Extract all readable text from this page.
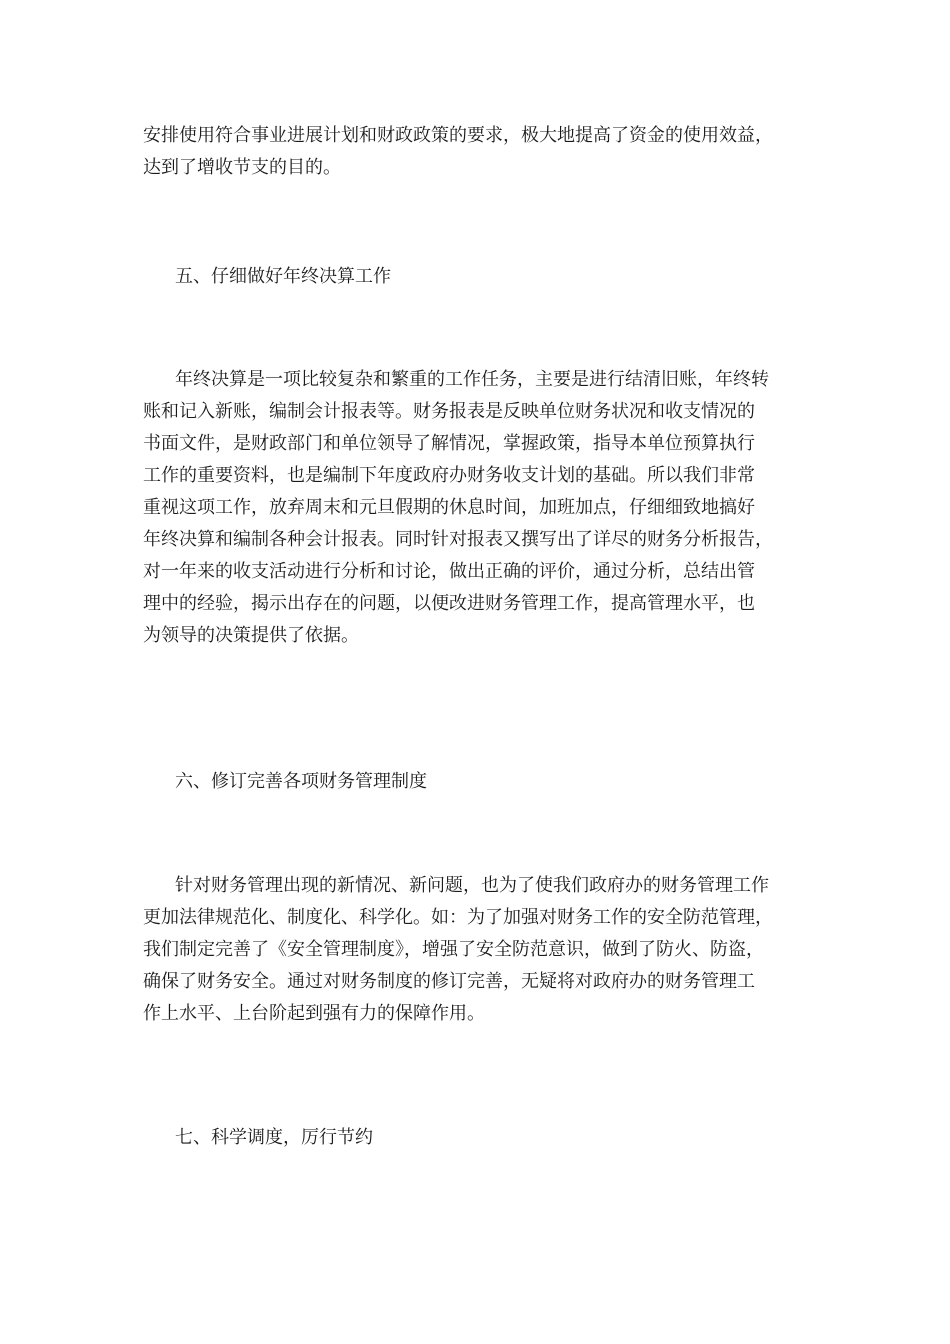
安排使用符合事业进展计划和财政政策的要求，极大地提高了资金的使用效益，
达到了增收节支的目的。
五、仔细做好年终决算工作
年终决算是一项比较复杂和繁重的工作任务，主要是进行结清旧账，年终转
账和记入新账，编制会计报表等。财务报表是反映单位财务状况和收支情况的
书面文件，是财政部门和单位领导了解情况，掌握政策，指导本单位预算执行
工作的重要资料，也是编制下年度政府办财务收支计划的基础。所以我们非常
重视这项工作，放弃周末和元旦假期的休息时间，加班加点，仔细细致地搞好
年终决算和编制各种会计报表。同时针对报表又撰写出了详尽的财务分析报告，
对一年来的收支活动进行分析和讨论，做出正确的评价，通过分析，总结出管
理中的经验，揭示出存在的问题，以便改进财务管理工作，提高管理水平，也
为领导的决策提供了依据。
六、修订完善各项财务管理制度
针对财务管理出现的新情况、新问题，也为了使我们政府办的财务管理工作
更加法律规范化、制度化、科学化。如：为了加强对财务工作的安全防范管理，
我们制定完善了《安全管理制度》，增强了安全防范意识，做到了防火、防盗，
确保了财务安全。通过对财务制度的修订完善，无疑将对政府办的财务管理工
作上水平、上台阶起到强有力的保障作用。
七、科学调度，厉行节约
